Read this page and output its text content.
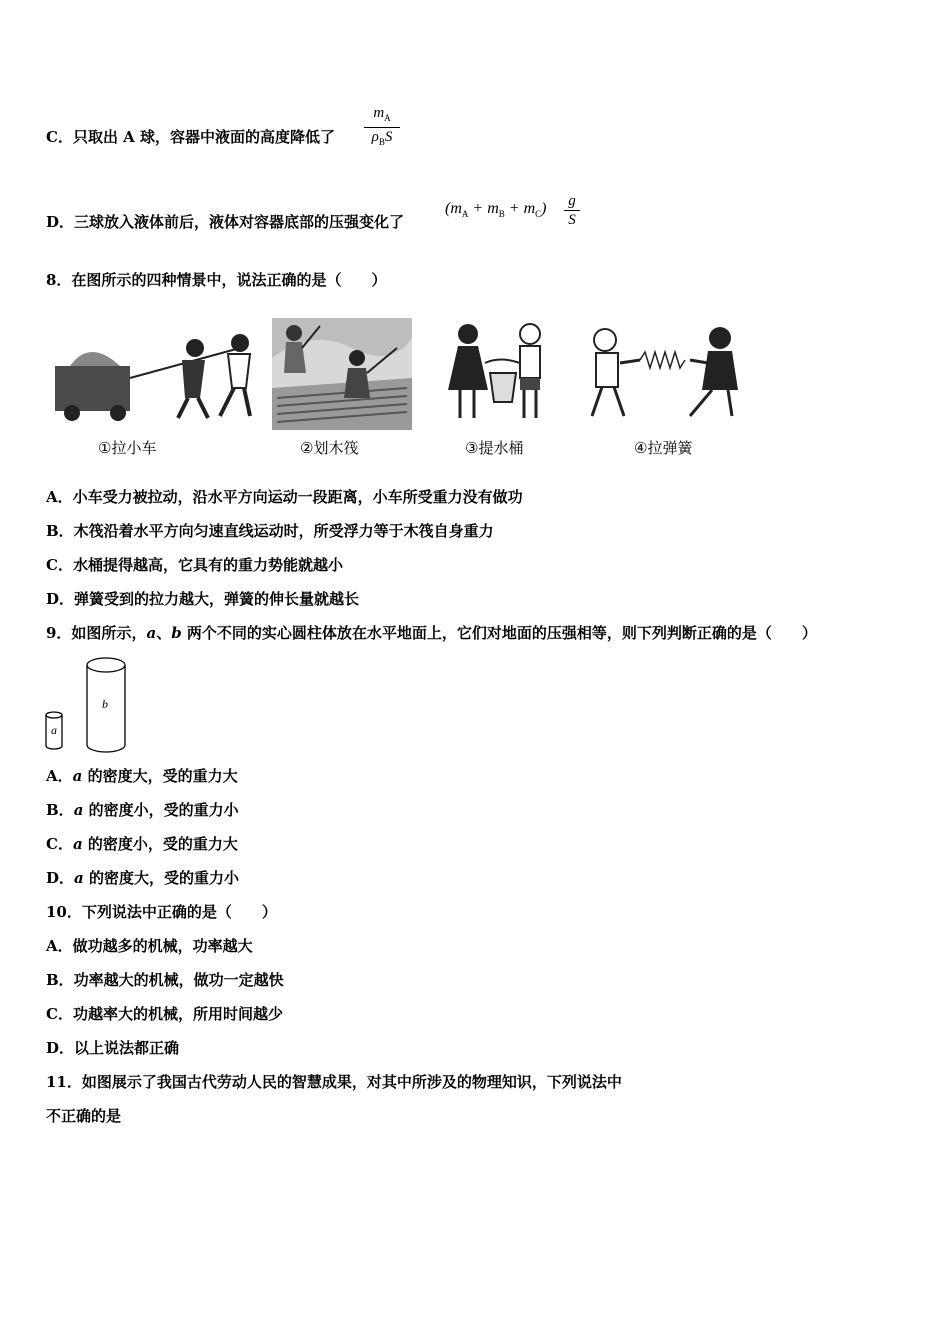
C．只取出 A 球，容器中液面的高度降低了
$m_A$
$\rho_BS$
D．三球放入液体前后，液体对容器底部的压强变化了
$(m_A + m_B + m_C)$ g
S
8．在图所示的四种情景中，说法正确的是（　　）
①拉小车	②划木筏	③提水桶	④拉弹簧
A．小车受力被拉动，沿水平方向运动一段距离，小车所受重力没有做功
B．木筏沿着水平方向匀速直线运动时，所受浮力等于木筏自身重力
C．水桶提得越高，它具有的重力势能就越小
D．弹簧受到的拉力越大，弹簧的伸长量就越长
9．如图所示，a、b 两个不同的实心圆柱体放在水平地面上，它们对地面的压强相等，则下列判断正确的是（　　）
a
b
A．a 的密度大，受的重力大
B．a 的密度小，受的重力小
C．a 的密度小，受的重力大
D．a 的密度大，受的重力小
10．下列说法中正确的是（　　）
A．做功越多的机械，功率越大
B．功率越大的机械，做功一定越快
C．功越率大的机械，所用时间越少
D．以上说法都正确
11．如图展示了我国古代劳动人民的智慧成果，对其中所涉及的物理知识，下列说法中
不正确的是
